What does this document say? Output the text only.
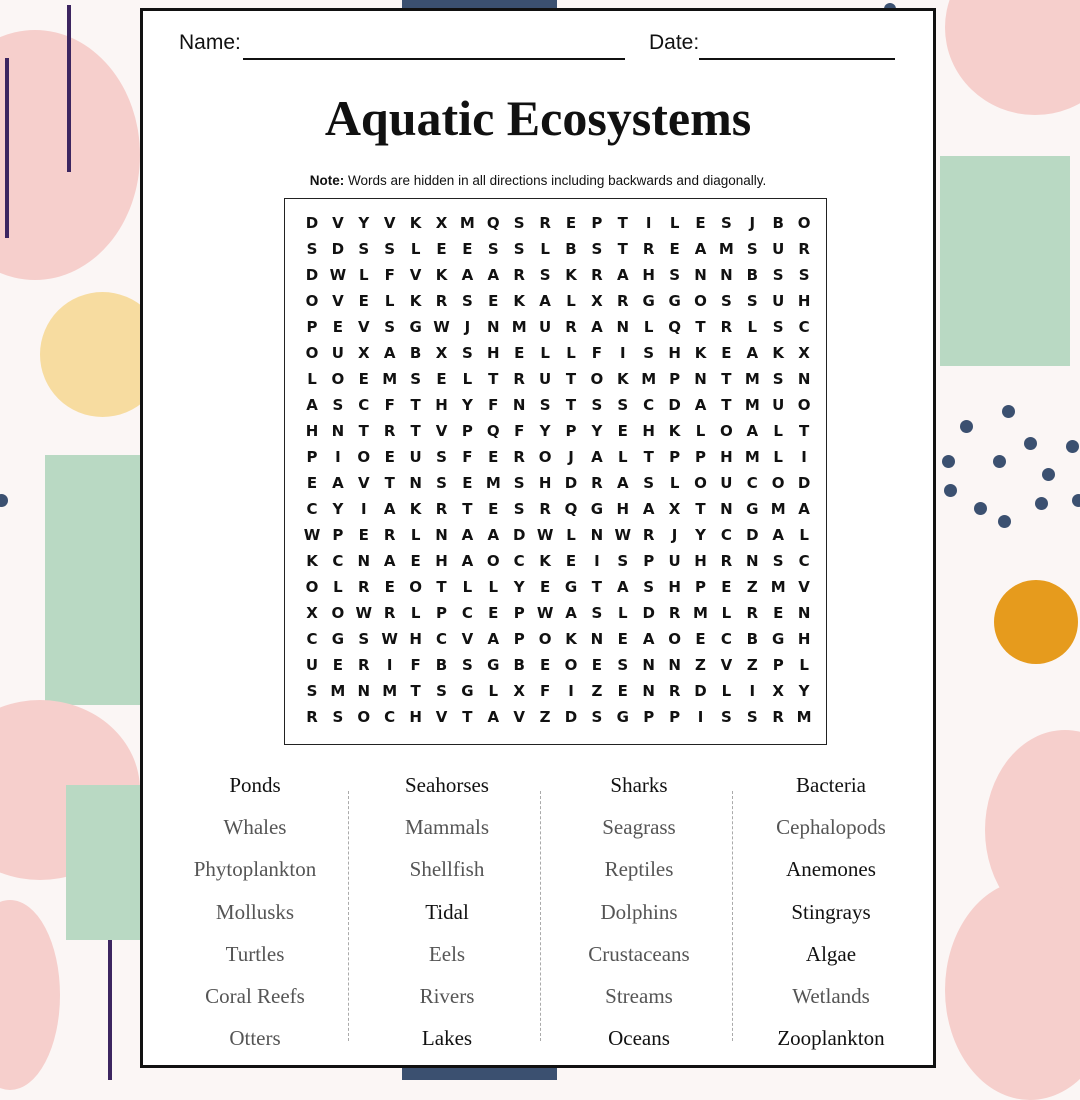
Name:	Date:
Aquatic Ecosystems
Note: Words are hidden in all directions including backwards and diagonally.
D V Y V K X M Q S R	E	P	T	I	L	E	S	J	B O
S D S	S	L	E	E	S	S	L	B S	T	R	E A M S U R
D W L	F V K A A R S K R A H S N N B S	S
O V E	L	K R S	E K A	L	X R G G O S	S U H
P	E V S G W J	N M U R A N L Q T	R	L	S C
O U X A B X S H E	L	L	F	I	S H K E A K X
L O E M S	E	L	T	R U T O K M P N T M S N
A S C	F	T H Y	F N S	T	S	S C D A T M U O
H N T	R	T V P Q F	Y P Y	E H K	L O A	L	T
P	I	O E U S	F	E R O	J	A	L	T	P P H M L	I
E A V T N S	E M S H D R A S	L O U C O D
C Y	I	A K R T	E	S R Q G H A X	T N G M A
W P	E R	L N A A D W L N W R	J	Y C D A	L
K C N A E H A O C K E	I	S P U H R N S C
O L	R E O T	L	L	Y	E G T A S H P	E	Z M V
X O W R	L	P C	E	P W A S	L D R M L	R E N
C G S W H C V A P O K N E A O E	C B G H
U E	R	I	F	B S G B	E O E	S N N Z V Z P	L
S M N M T	S G L	X	F	I	Z	E N R D L	I	X Y
R S O C H V T A V Z D S G P P	I	S	S R M
Ponds
Whales
Phytoplankton
Mollusks
Turtles
Coral Reefs
Otters
Seahorses
Mammals
Shellfish
Tidal
Eels
Rivers
Lakes
Sharks
Seagrass
Reptiles
Dolphins
Crustaceans
Streams
Oceans
Bacteria
Cephalopods
Anemones
Stingrays
Algae
Wetlands
Zooplankton
